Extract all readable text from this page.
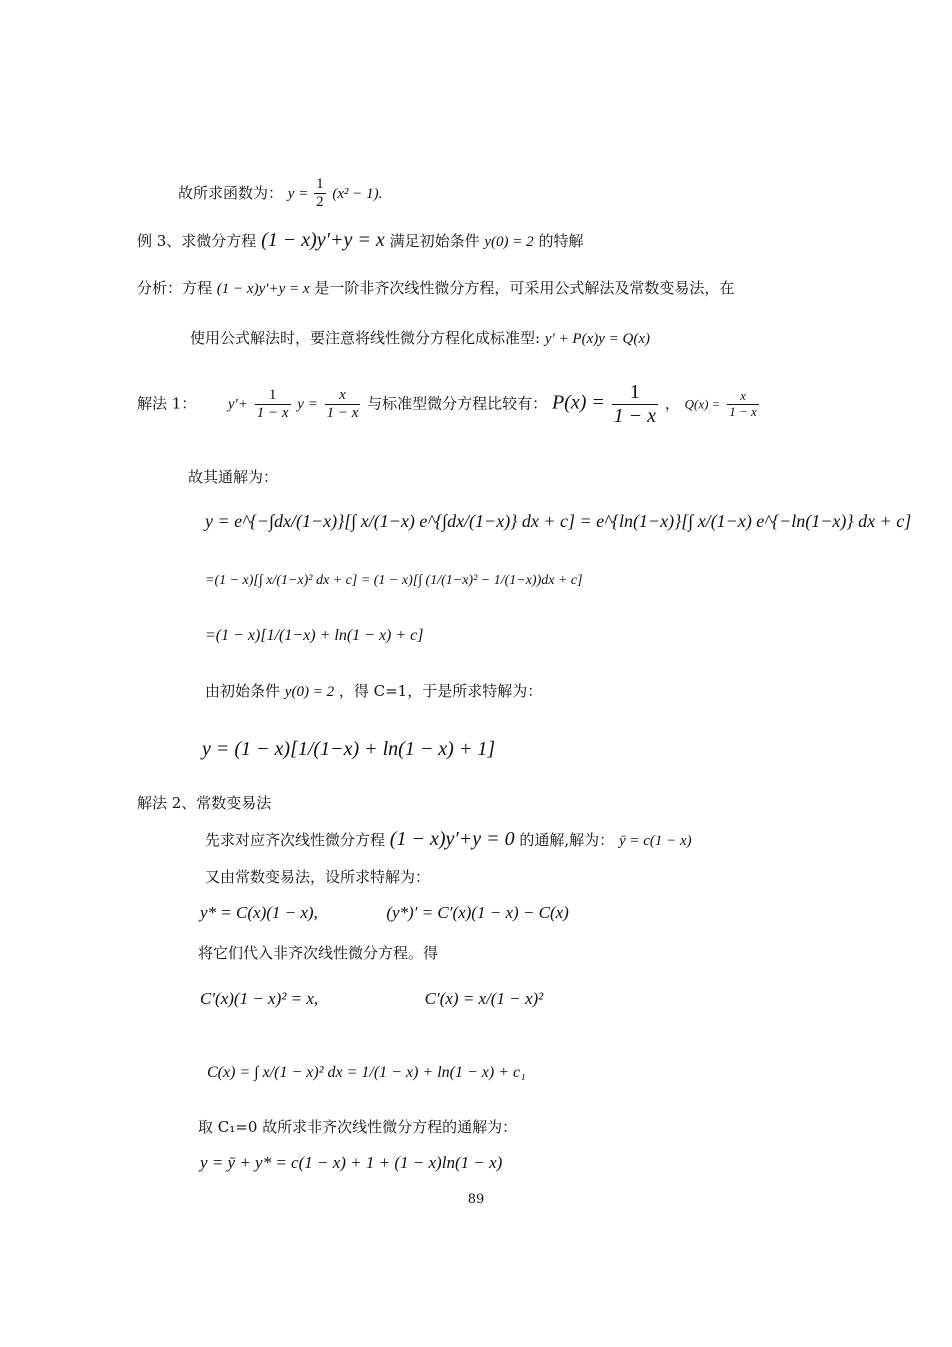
故所求函数为： $y = \frac{1}{2} (x^2 - 1)$.
例 3、求微分方程 (1 − x)y′+y = x 满足初始条件 y(0) = 2 的特解
分析：方程 (1 − x)y′+y = x 是一阶非齐次线性微分方程，可采用公式解法及常数变易法，在
使用公式解法时，要注意将线性微分方程化成标准型: y′ + P(x)y = Q(x)
解法 1： $y'+ \frac{1}{1 - x}$ $y = \frac{x}{1 - x}$ 与标准型微分方程比较有： $P(x) = \frac{1}{1 - x}$ ， $Q(x) = \frac{x}{1 - x}$
故其通解为：
y = e^{−∫dx/(1−x)}[∫ x/(1−x) e^{∫dx/(1−x)} dx + c] = e^{ln(1−x)}[∫ x/(1−x) e^{−ln(1−x)} dx + c]
=(1 − x)[∫ x/(1−x)² dx + c] = (1 − x)[∫ (1/(1−x)² − 1/(1−x))dx + c]
=(1 − x)[1/(1−x) + ln(1 − x) + c]
由初始条件 y(0) = 2 ，得 C=1，于是所求特解为：
y = (1 − x)[1/(1−x) + ln(1 − x) + 1]
解法 2、常数变易法
先求对应齐次线性微分方程 (1 − x)y′+y = 0 的通解,解为： ȳ = c(1 − x)
又由常数变易法，设所求特解为：
y* = C(x)(1 − x),	(y*)′ = C′(x)(1 − x) − C(x)
将它们代入非齐次线性微分方程。得
C′(x)(1 − x)² = x,	C′(x) = x/(1 − x)²
C(x) = ∫ x/(1 − x)² dx = 1/(1 − x) + ln(1 − x) + c₁
取 C₁=0 故所求非齐次线性微分方程的通解为：
y = ȳ + y* = c(1 − x) + 1 + (1 − x)ln(1 − x)
89
